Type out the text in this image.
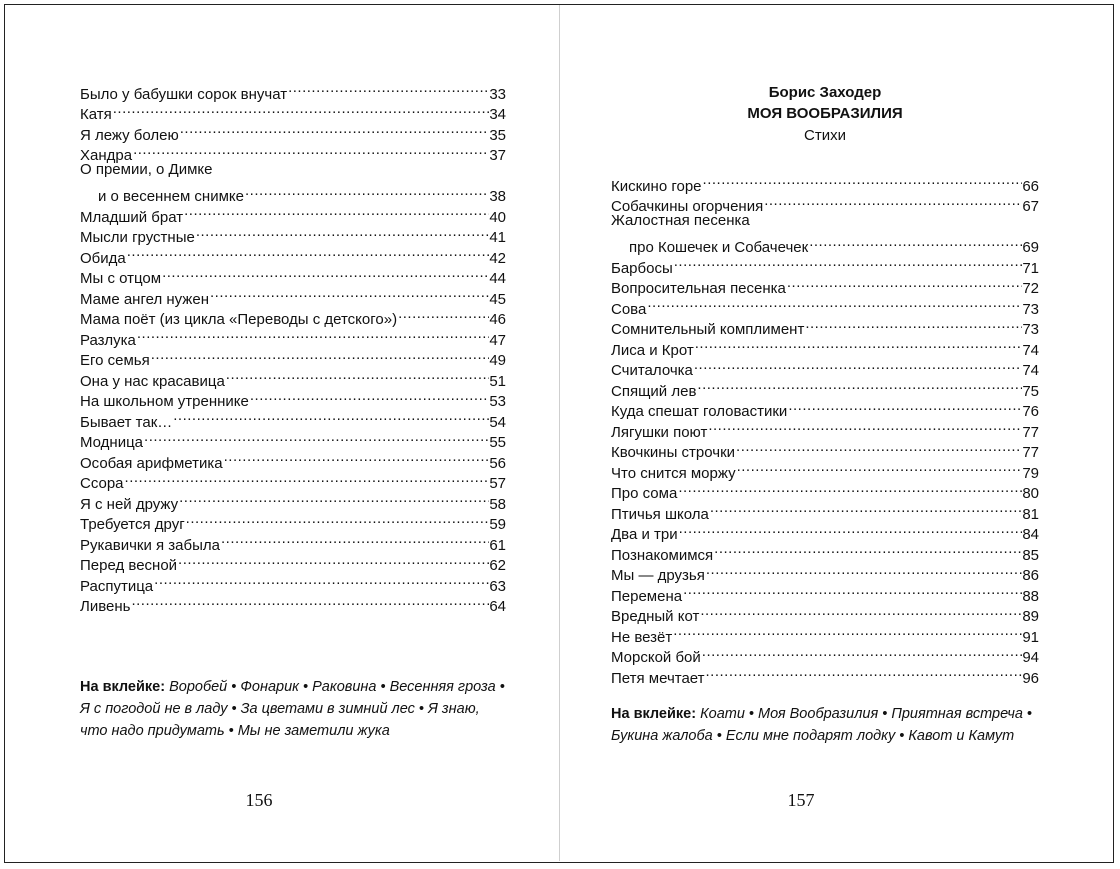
Было у бабушки сорок внучат .....	33
Катя .....	34
Я лежу болею .....	35
Хандра .....	37
О премии, о Димке
и о весеннем снимке .....	38
Младший брат .....	40
Мысли грустные .....	41
Обида .....	42
Мы с отцом .....	44
Маме ангел нужен .....	45
Мама поёт (из цикла «Переводы с детского») .....	46
Разлука .....	47
Его семья .....	49
Она у нас красавица .....	51
На школьном утреннике .....	53
Бывает так… .....	54
Модница .....	55
Особая арифметика .....	56
Ссора .....	57
Я с ней дружу .....	58
Требуется друг .....	59
Рукавички я забыла .....	61
Перед весной .....	62
Распутица .....	63
Ливень .....	64
На вклейке: Воробей • Фонарик • Раковина • Весенняя гроза • Я с погодой не в ладу • За цветами в зимний лес • Я знаю, что надо придумать • Мы не заметили жука
156
Борис Заходер
МОЯ ВООБРАЗИЛИЯ
Стихи
Кискино горе .....	66
Собачкины огорчения .....	67
Жалостная песенка
про Кошечек и Собачечек .....	69
Барбосы .....	71
Вопросительная песенка .....	72
Сова .....	73
Сомнительный комплимент .....	73
Лиса и Крот .....	74
Считалочка .....	74
Спящий лев .....	75
Куда спешат головастики .....	76
Лягушки поют .....	77
Квочкины строчки .....	77
Что снится моржу .....	79
Про сома .....	80
Птичья школа .....	81
Два и три .....	84
Познакомимся .....	85
Мы — друзья .....	86
Перемена .....	88
Вредный кот .....	89
Не везёт .....	91
Морской бой .....	94
Петя мечтает .....	96
На вклейке: Коати • Моя Вообразилия • Приятная встреча • Букина жалоба • Если мне подарят лодку • Кавот и Камут
157
